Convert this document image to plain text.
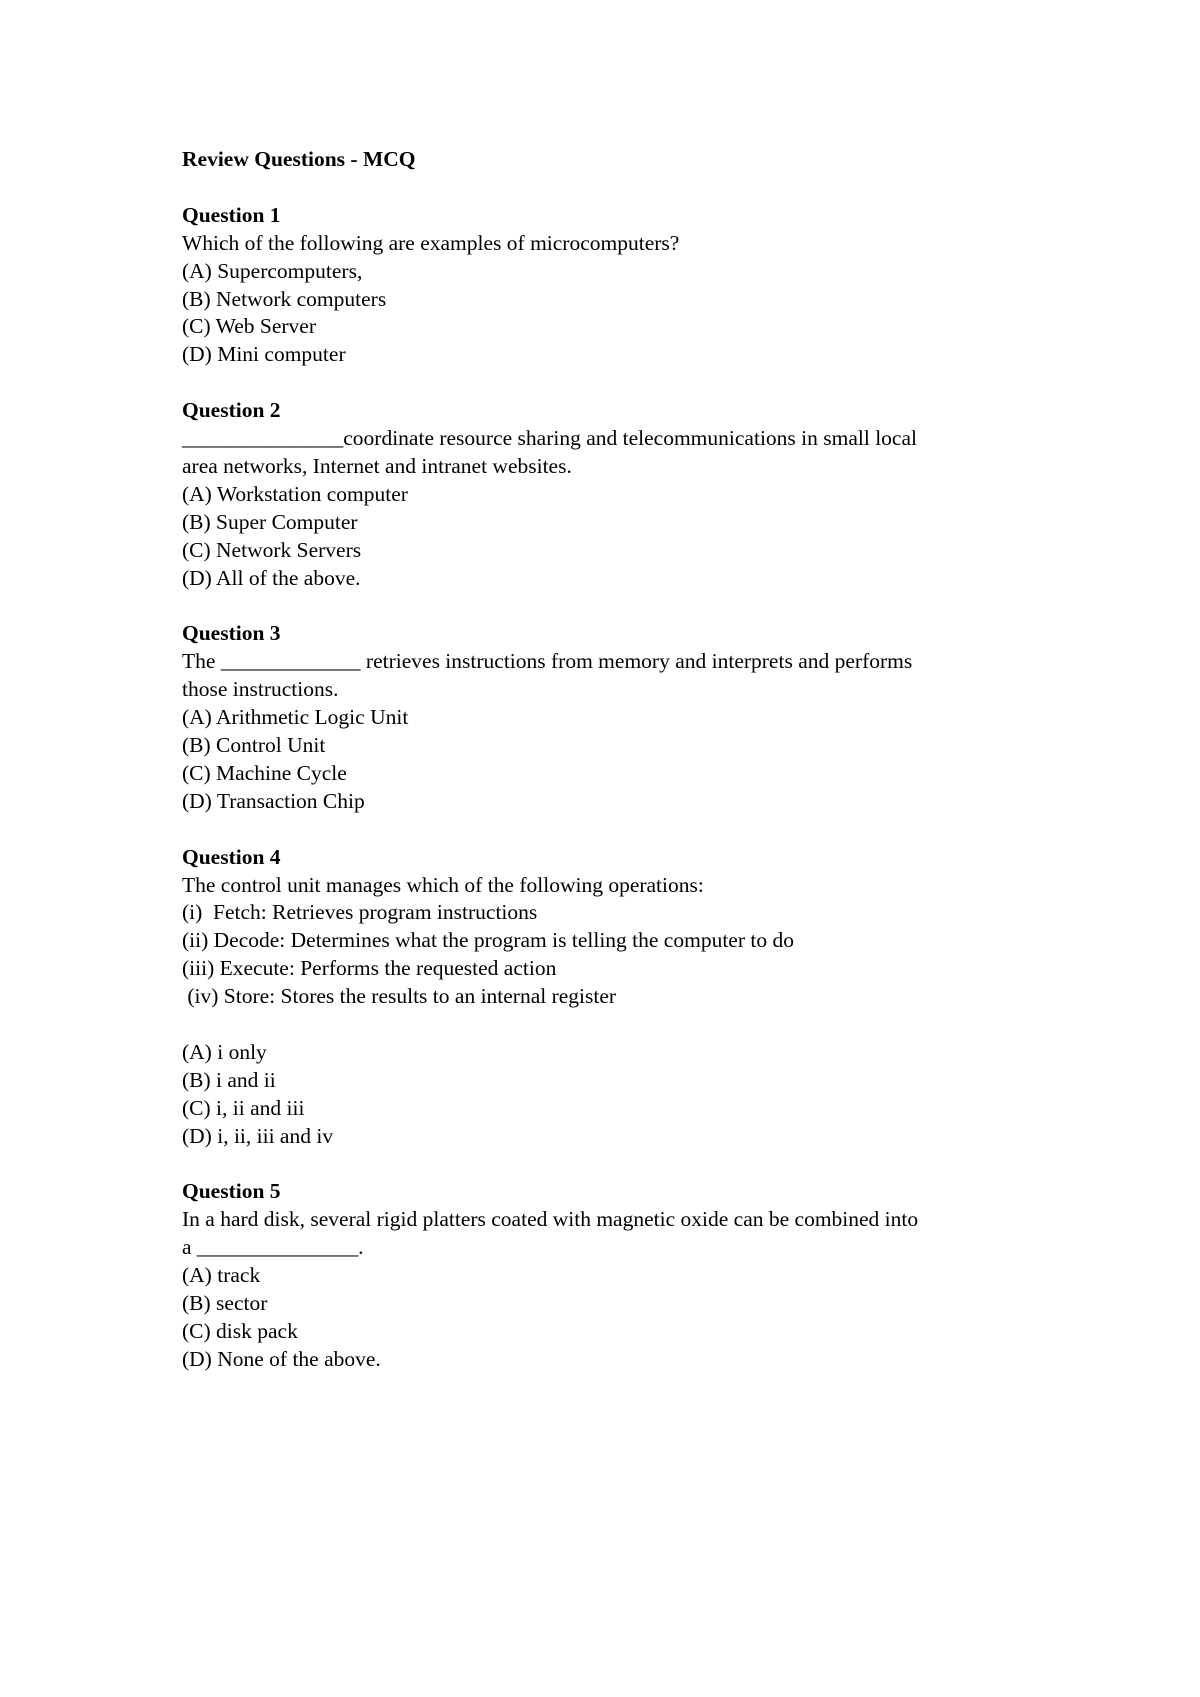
Review Questions - MCQ
Question 1
Which of the following are examples of microcomputers?
(A) Supercomputers,
(B) Network computers
(C) Web Server
(D) Mini computer
Question 2
_______________coordinate resource sharing and telecommunications in small local
area networks, Internet and intranet websites.
(A) Workstation computer
(B) Super Computer
(C) Network Servers
(D) All of the above.
Question 3
The _____________ retrieves instructions from memory and interprets and performs
those instructions.
(A) Arithmetic Logic Unit
(B) Control Unit
(C) Machine Cycle
(D) Transaction Chip
Question 4
The control unit manages which of the following operations:
(i)  Fetch: Retrieves program instructions
(ii) Decode: Determines what the program is telling the computer to do
(iii) Execute: Performs the requested action
(iv) Store: Stores the results to an internal register
(A) i only
(B) i and ii
(C) i, ii and iii
(D) i, ii, iii and iv
Question 5
In a hard disk, several rigid platters coated with magnetic oxide can be combined into
a _______________.
(A) track
(B) sector
(C) disk pack
(D) None of the above.
